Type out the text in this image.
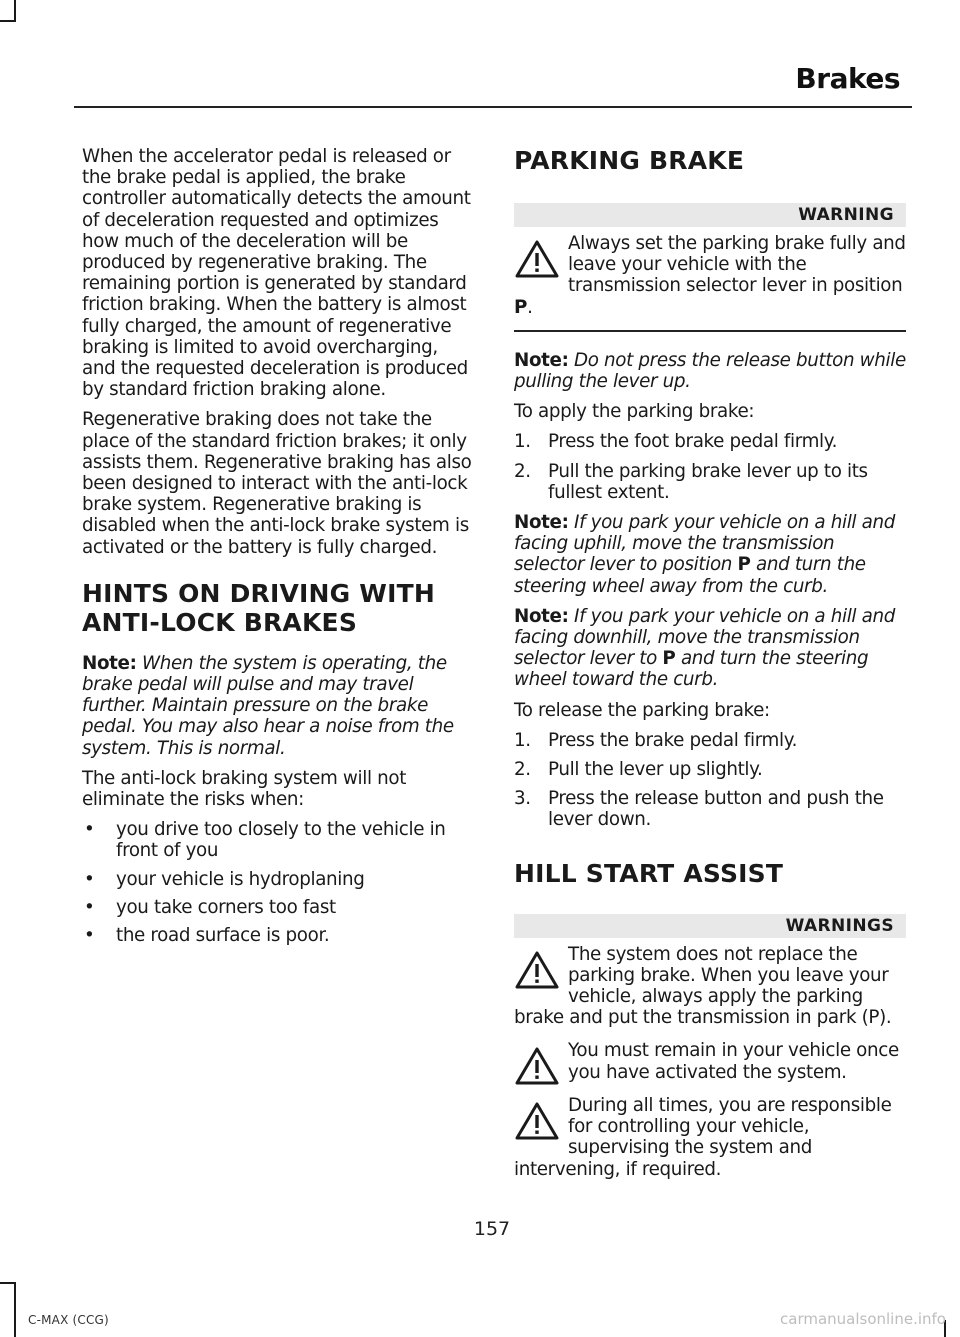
Brakes

When the accelerator pedal is released or the brake pedal is applied, the brake controller automatically detects the amount of deceleration requested and optimizes how much of the deceleration will be produced by regenerative braking. The remaining portion is generated by standard friction braking. When the battery is almost fully charged, the amount of regenerative braking is limited to avoid overcharging, and the requested deceleration is produced by standard friction braking alone.

Regenerative braking does not take the place of the standard friction brakes; it only assists them. Regenerative braking has also been designed to interact with the anti-lock brake system. Regenerative braking is disabled when the anti-lock brake system is activated or the battery is fully charged.

HINTS ON DRIVING WITH
ANTI-LOCK BRAKES

Note: When the system is operating, the brake pedal will pulse and may travel further. Maintain pressure on the brake pedal. You may also hear a noise from the system. This is normal.

The anti-lock braking system will not eliminate the risks when:

• you drive too closely to the vehicle in front of you
• your vehicle is hydroplaning
• you take corners too fast
• the road surface is poor.
PARKING BRAKE
WARNING

Always set the parking brake fully and leave your vehicle with the transmission selector lever in position P.

Note: Do not press the release button while pulling the lever up.

To apply the parking brake:

1. Press the foot brake pedal firmly.
2. Pull the parking brake lever up to its fullest extent.

Note: If you park your vehicle on a hill and facing uphill, move the transmission selector lever to position P and turn the steering wheel away from the curb.

Note: If you park your vehicle on a hill and facing downhill, move the transmission selector lever to P and turn the steering wheel toward the curb.

To release the parking brake:

1. Press the brake pedal firmly.
2. Pull the lever up slightly.
3. Press the release button and push the lever down.
HILL START ASSIST
WARNINGS

The system does not replace the parking brake. When you leave your vehicle, always apply the parking brake and put the transmission in park (P).

You must remain in your vehicle once you have activated the system.

During all times, you are responsible for controlling your vehicle, supervising the system and intervening, if required.

157
C-MAX (CCG)	carmanualsonline.info
